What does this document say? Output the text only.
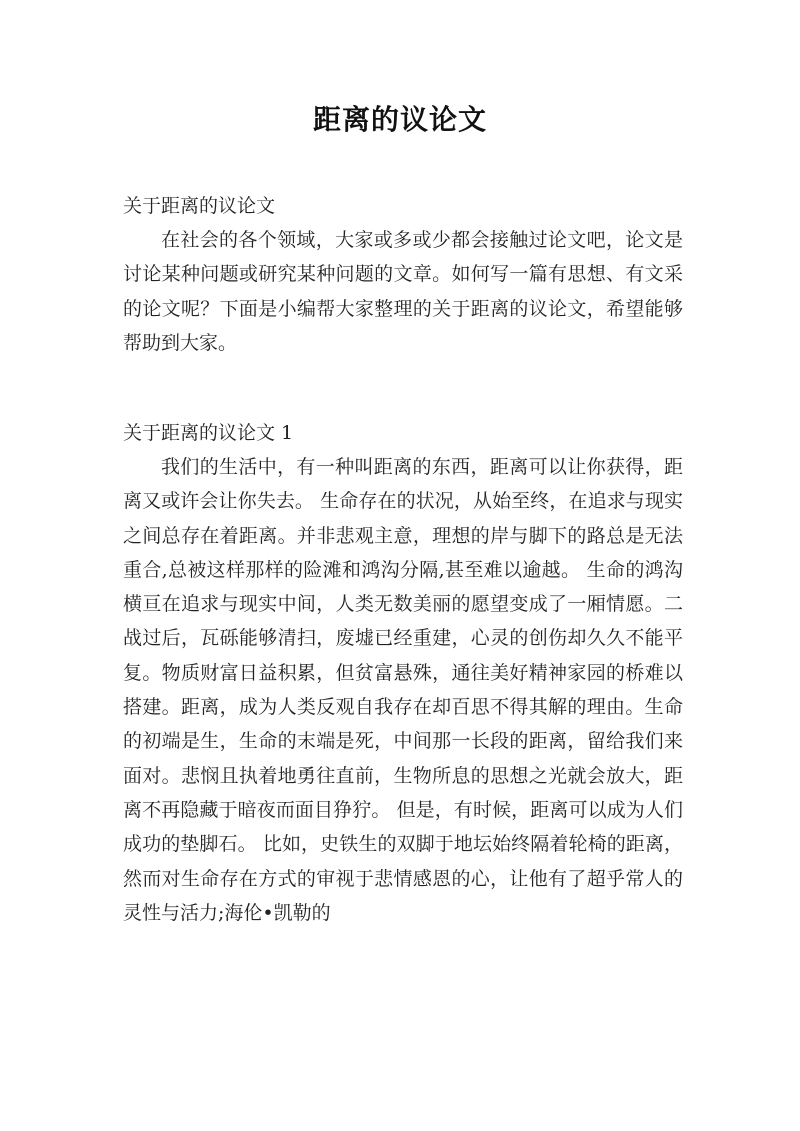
距离的议论文
关于距离的议论文
在社会的各个领域，大家或多或少都会接触过论文吧，论文是讨论某种问题或研究某种问题的文章。如何写一篇有思想、有文采的论文呢？下面是小编帮大家整理的关于距离的议论文，希望能够帮助到大家。
关于距离的议论文 1
我们的生活中，有一种叫距离的东西，距离可以让你获得，距离又或许会让你失去。 生命存在的状况，从始至终，在追求与现实之间总存在着距离。并非悲观主意，理想的岸与脚下的路总是无法重合,总被这样那样的险滩和鸿沟分隔,甚至难以逾越。 生命的鸿沟横亘在追求与现实中间，人类无数美丽的愿望变成了一厢情愿。二战过后，瓦砾能够清扫，废墟已经重建，心灵的创伤却久久不能平复。物质财富日益积累，但贫富悬殊，通往美好精神家园的桥难以搭建。距离，成为人类反观自我存在却百思不得其解的理由。生命的初端是生，生命的末端是死，中间那一长段的距离，留给我们来面对。悲悯且执着地勇往直前，生物所息的思想之光就会放大，距离不再隐藏于暗夜而面目狰狞。 但是，有时候，距离可以成为人们成功的垫脚石。 比如，史铁生的双脚于地坛始终隔着轮椅的距离，然而对生命存在方式的审视于悲情感恩的心，让他有了超乎常人的灵性与活力;海伦•凯勒的
